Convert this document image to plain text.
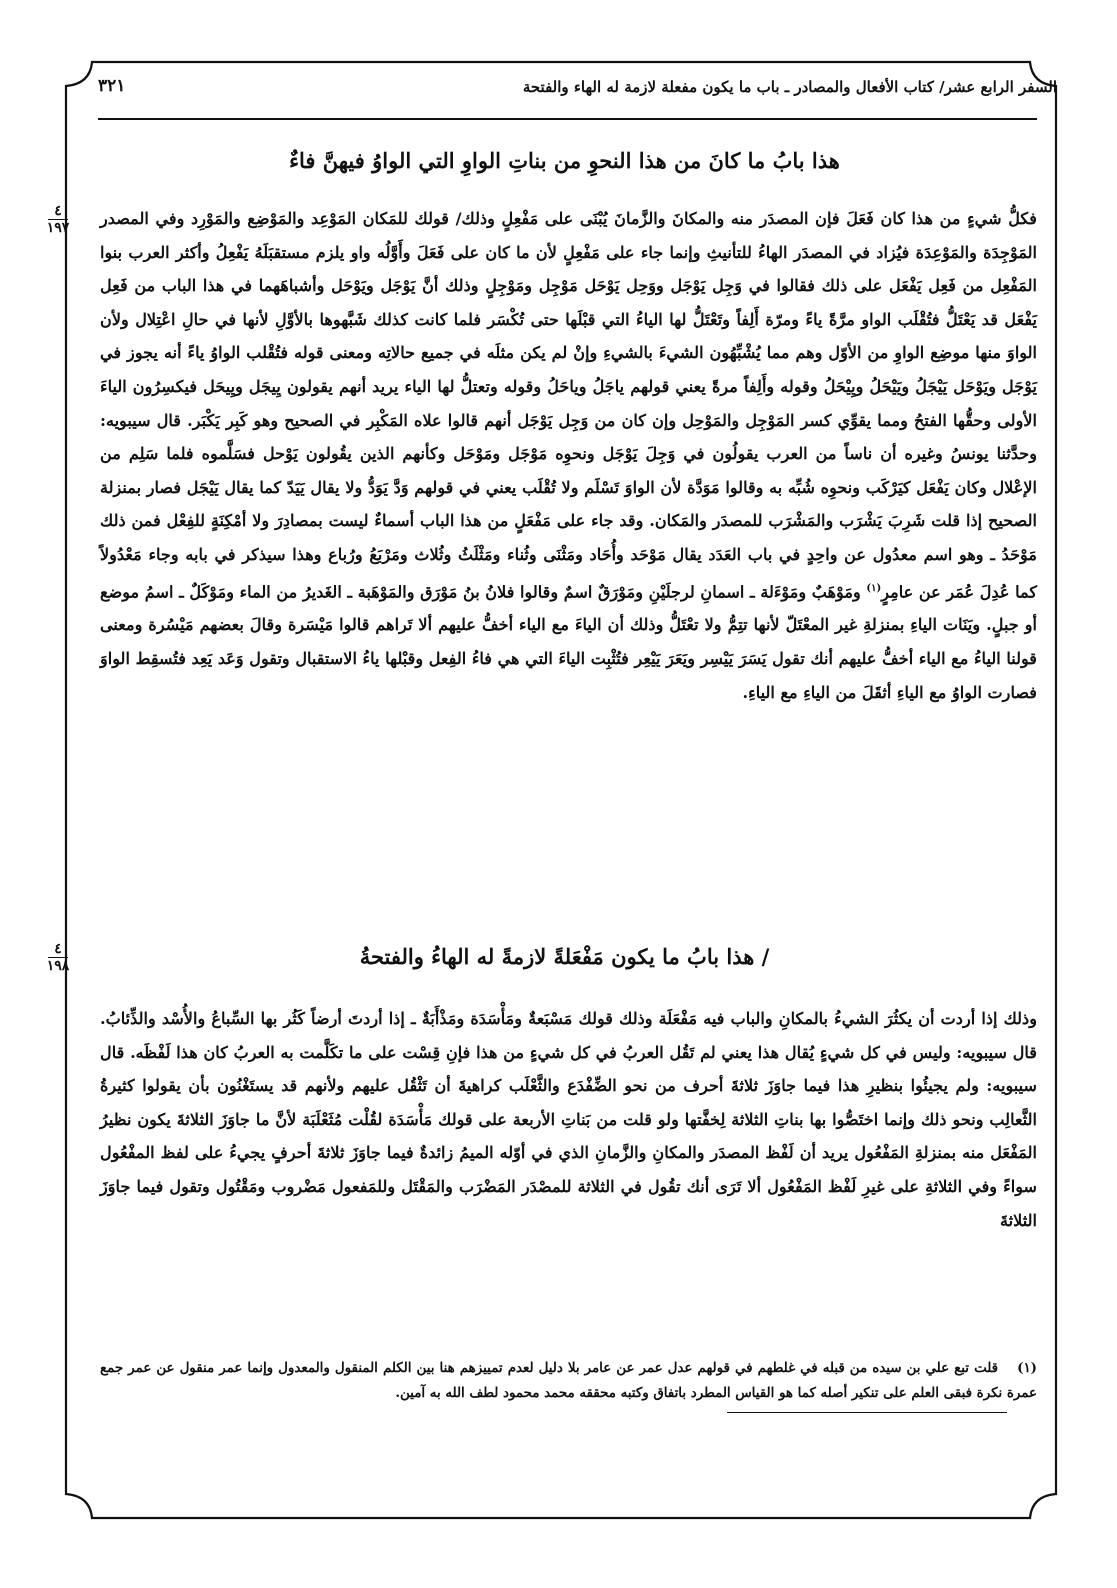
السفر الرابع عشر/ كتاب الأفعال والمصادر ـ باب ما يكون مفعلة لازمة له الهاء والفتحة
٣٢١
هذا بابُ ما كانَ من هذا النحوِ من بناتِ الواوِ التي الواوُ فيهنَّ فاءٌ
٤
١٩٧ فكلُّ شيءٍ من هذا كان فَعَلَ فإن المصدَر منه والمكانَ والزَّمانَ يُبْنَى على مَفْعِلٍ وذلك/ قولك للمَكان المَوْعِد والمَوْضِع والمَوْرِد وفي المصدر المَوْجِدَة والمَوْعِدَة فيُزاد في المصدَر الهاءُ للتأنيثِ وإنما جاء على مَفْعِلٍ لأن ما كان على فَعَلَ وأَوَّلُه واو يلزم مستقبَلَهُ يَفْعِلُ وأكثر العرب بنوا المَفْعِل من فَعِل يَفْعَل على ذلك فقالوا في وَجِل يَوْجَل ووَحِل يَوْحَل مَوْجِل ومَوْجِلٍ وذلك أنَّ يَوْجَل ويَوْحَل وأشباهَهما في هذا الباب من فَعِل يَفْعَل قد يَعْتَلُّ فتُقْلَب الواو مرَّةً ياءً ومرّة أَلِفاً وتَعْتَلُّ لها الياءُ التي قبْلَها حتى تُكْسَر فلما كانت كذلك شَبَّهوها بالأوَّلِ لأنها في حالِ اعْتِلال ولأن الواوَ منها موضِع الواوِ من الأوّل وهم مما يُشْبِّهُون الشيءَ بالشيءِ وإنْ لم يكن مثلَه في جميع حالاتِه ومعنى قوله فتُقْلب الواوُ ياءً أنه يجوز في يَوْجَل ويَوْحَل يَيْجَلُ ويَيْحَلُ ويِيْحَلُ وقوله وأَلِفاً مرةً يعني قولهم ياجَلُ وياحَلُ وقوله وتعتلُّ لها الياء يريد أنهم يقولون يِيجَل ويِيحَل فيكسِرُون الياءَ الأولى وحقُّها الفتحُ ومما يقوِّي كسر المَوْجِل والمَوْحِل وإن كان من وَجِل يَوْجَل أنهم قالوا علاه المَكْبِر في الصحيح وهو كَبِر يَكْبَر. قال سيبويه: وحدَّثنا يونسُ وغيره أن ناساً من العرب يقولُون في وَجِلَ يَوْجَل ونحوِه مَوْجَل ومَوْحَل وكأنهم الذين يقُولون يَوْحل فسَلَّموه فلما سَلِم من الإعْلال وكان يَفْعَل كيَرْكَب ونحوِه شُبِّه به وقالوا مَوَدَّة لأن الواوَ تَسْلَم ولا تُقْلَب يعني في قولهم وَدَّ يَوَدُّ ولا يقال يَيَدّ كما يقال يَيْجَل فصار بمنزلة الصحيح إذا قلت شَرِبَ يَشْرَب والمَشْرَب للمصدَر والمَكان. وقد جاء على مَفْعَلٍ من هذا الباب أسماءٌ ليست بمصادِرَ ولا أمْكِنَةٍ للفِعْل فمن ذلك مَوْحَدُ ـ وهو اسم معدُول عن واحِدٍ في باب العَدَد يقال مَوْحَد وأُحَاد ومَثْنَى وثُناء ومَثْلَثُ وثُلاث ومَرْبَعُ ورُباع وهذا سيذكر في بابه وجاء مَعْدُولاً كما عُدِلَ عُمَر عن عامِرٍ$^{(١)}$ ومَوْهَبٌ ومَوْءَلة ـ اسمانِ لرجلَيْنِ ومَوْرَقٌ اسمٌ وقالوا فلانُ بنُ مَوْرَق والمَوْهَبة ـ الغَديرُ من الماء ومَوْكَلٌ ـ اسمُ موضع أو جبلٍ. ويَنَات الياءِ بمنزلةِ غير المعْتَلّ لأنها تتِمُّ ولا تعْتَلُّ وذلك أن الياءَ مع الياء أخفُّ عليهم ألا تَراهم قالوا مَيْسَرة وقالَ بعضهم مَيْسُرة ومعنى قولنا الياءُ مع الياء أخفُّ عليهم أنك تقول يَسَرَ يَيْسِر ويَعَرَ يَيْعِر فتُثْبِت الياءَ التي هي فاءُ الفِعل وقبْلها ياءُ الاستقبال وتقول وَعَد يَعِد فتُسقِط الواوَ فصارت الواوُ مع الياءِ أثقَلَ من الياءِ مع الياءِ.
/ هذا بابُ ما يكون مَفْعَلةً لازمةً له الهاءُ والفتحةُ
٤
١٩٨
وذلك إذا أردت أن يكثُرَ الشيءُ بالمكانِ والباب فيه مَفْعَلَة وذلك قولك مَسْبَعةٌ ومَأْسَدَة ومَذْأَبَةٌ ـ إذا أردتَ أرضاً كَثُر بها السِّباعُ والأُسْد والذِّئابُ. قال سيبويه: وليس في كل شيءٍ يُقال هذا يعني لم تَقُل العربُ في كل شيءٍ من هذا فإنِ قِسْت على ما تكَلَّمت به العربُ كان هذا لَفْظَه. قال سيبويه: ولم يجيئُوا بنظيرِ هذا فيما جاوَزَ ثلاثةَ أحرف من نحو الضِّفْدَع والثَّعْلَب كراهيةَ أن تَثْقُل عليهم ولأنهم قد يستَغْنُون بأن يقولوا كثيرةُ الثَّعالِب ونحو ذلك وإنما اختَصُّوا بها بناتِ الثلاثة لِخفَّتها ولو قلت من بَناتِ الأربعة على قولك مَأْسَدَة لقُلْت مُثَعْلَبَة لأنَّ ما جاوَزَ الثلاثةَ يكون نظيرُ المَفْعَل منه بمنزلةِ المَفْعُول يريد أن لَفْظ المصدَر والمكانِ والزَّمانِ الذي في أوّله الميمُ زائدةٌ فيما جاوَزَ ثلاثةَ أحرفٍ يجيءُ على لفظ المفْعُول سواءً وفي الثلاثةِ على غيرِ لَفْظ المَفْعُول ألا تَرَى أنك تقُول في الثلاثة للمصْدَر المَضْرَب والمَقْتَل وللمَفعول مَضْروب ومَقْتُول وتقول فيما جاوَزَ الثلاثةَ
(١) قلت تبع علي بن سيده من قبله في غلطهم في قولهم عدل عمر عن عامر بلا دليل لعدم تمييزهم هنا بين الكلم المنقول والمعدول وإنما عمر منقول عن عمر جمع عمرة نكرة فبقى العلم على تنكير أصله كما هو القياس المطرد باتفاق وكتبه محققه محمد محمود لطف الله به آمين.
